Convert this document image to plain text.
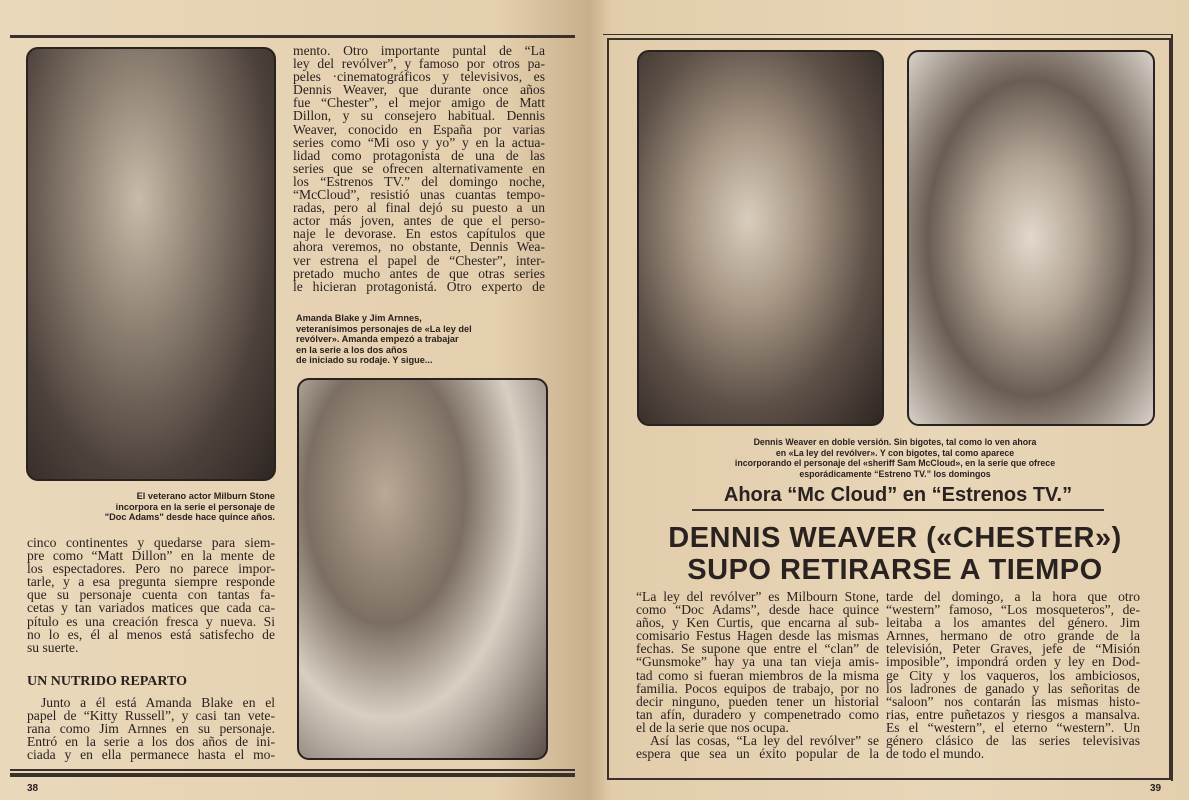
El veterano actor Milburn Stone
incorpora en la serie el personaje de
"Doc Adams" desde hace quince años.
mento. Otro importante puntal de “La
ley del revólver”, y famoso por otros pa-
peles ·cinematográficos y televisivos, es
Dennis Weaver, que durante once años
fue “Chester”, el mejor amigo de Matt
Dillon, y su consejero habitual. Dennis
Weaver, conocido en España por varias
series como “Mi oso y yo” y en la actua-
lidad como protagonista de una de las
series que se ofrecen alternativamente en
los “Estrenos TV.” del domingo noche,
“McCloud”, resistió unas cuantas tempo-
radas, pero al final dejó su puesto a un
actor más joven, antes de que el perso-
naje le devorase. En estos capítulos que
ahora veremos, no obstante, Dennis Wea-
ver estrena el papel de “Chester”, inter-
pretado mucho antes de que otras series
le hicieran protagonistá. Otro experto de
Amanda Blake y Jim Arnnes,
veteranísimos personajes de «La ley del
revólver». Amanda empezó a trabajar
en la serie a los dos años
de iniciado su rodaje. Y sigue...
cinco continentes y quedarse para siem-
pre como “Matt Dillon” en la mente de
los espectadores. Pero no parece impor-
tarle, y a esa pregunta siempre responde
que su personaje cuenta con tantas fa-
cetas y tan variados matices que cada ca-
pítulo es una creación fresca y nueva. Si
no lo es, él al menos está satisfecho de
su suerte.
UN NUTRIDO REPARTO
Junto a él está Amanda Blake en el
papel de “Kitty Russell”, y casi tan vete-
rana como Jim Arnnes en su personaje.
Entró en la serie a los dos años de ini-
ciada y en ella permanece hasta el mo-
38
Dennis Weaver en doble versión. Sin bigotes, tal como lo ven ahora
en «La ley del revólver». Y con bigotes, tal como aparece
incorporando el personaje del «sheriff Sam McCloud», en la serie que ofrece
esporádicamente “Estreno TV.” los domingos
Ahora “Mc Cloud” en “Estrenos TV.”
DENNIS WEAVER («CHESTER»)
SUPO RETIRARSE A TIEMPO
“La ley del revólver” es Milbourn Stone,
como “Doc Adams”, desde hace quince
años, y Ken Curtis, que encarna al sub-
comisario Festus Hagen desde las mismas
fechas. Se supone que entre el “clan” de
“Gunsmoke” hay ya una tan vieja amis-
tad como si fueran miembros de la misma
familia. Pocos equipos de trabajo, por no
decir ninguno, pueden tener un historial
tan afín, duradero y compenetrado como
el de la serie que nos ocupa.
Así las cosas, “La ley del revólver” se
espera que sea un éxito popular de la
tarde del domingo, a la hora que otro
“western” famoso, “Los mosqueteros”, de-
leitaba a los amantes del género. Jim
Arnnes, hermano de otro grande de la
televisión, Peter Graves, jefe de “Misión
imposible”, impondrá orden y ley en Dod-
ge City y los vaqueros, los ambiciosos,
los ladrones de ganado y las señoritas de
“saloon” nos contarán las mismas histo-
rias, entre puñetazos y riesgos a mansalva.
Es el “western”, el eterno “western”. Un
género clásico de las series televisivas
de todo el mundo.
39
